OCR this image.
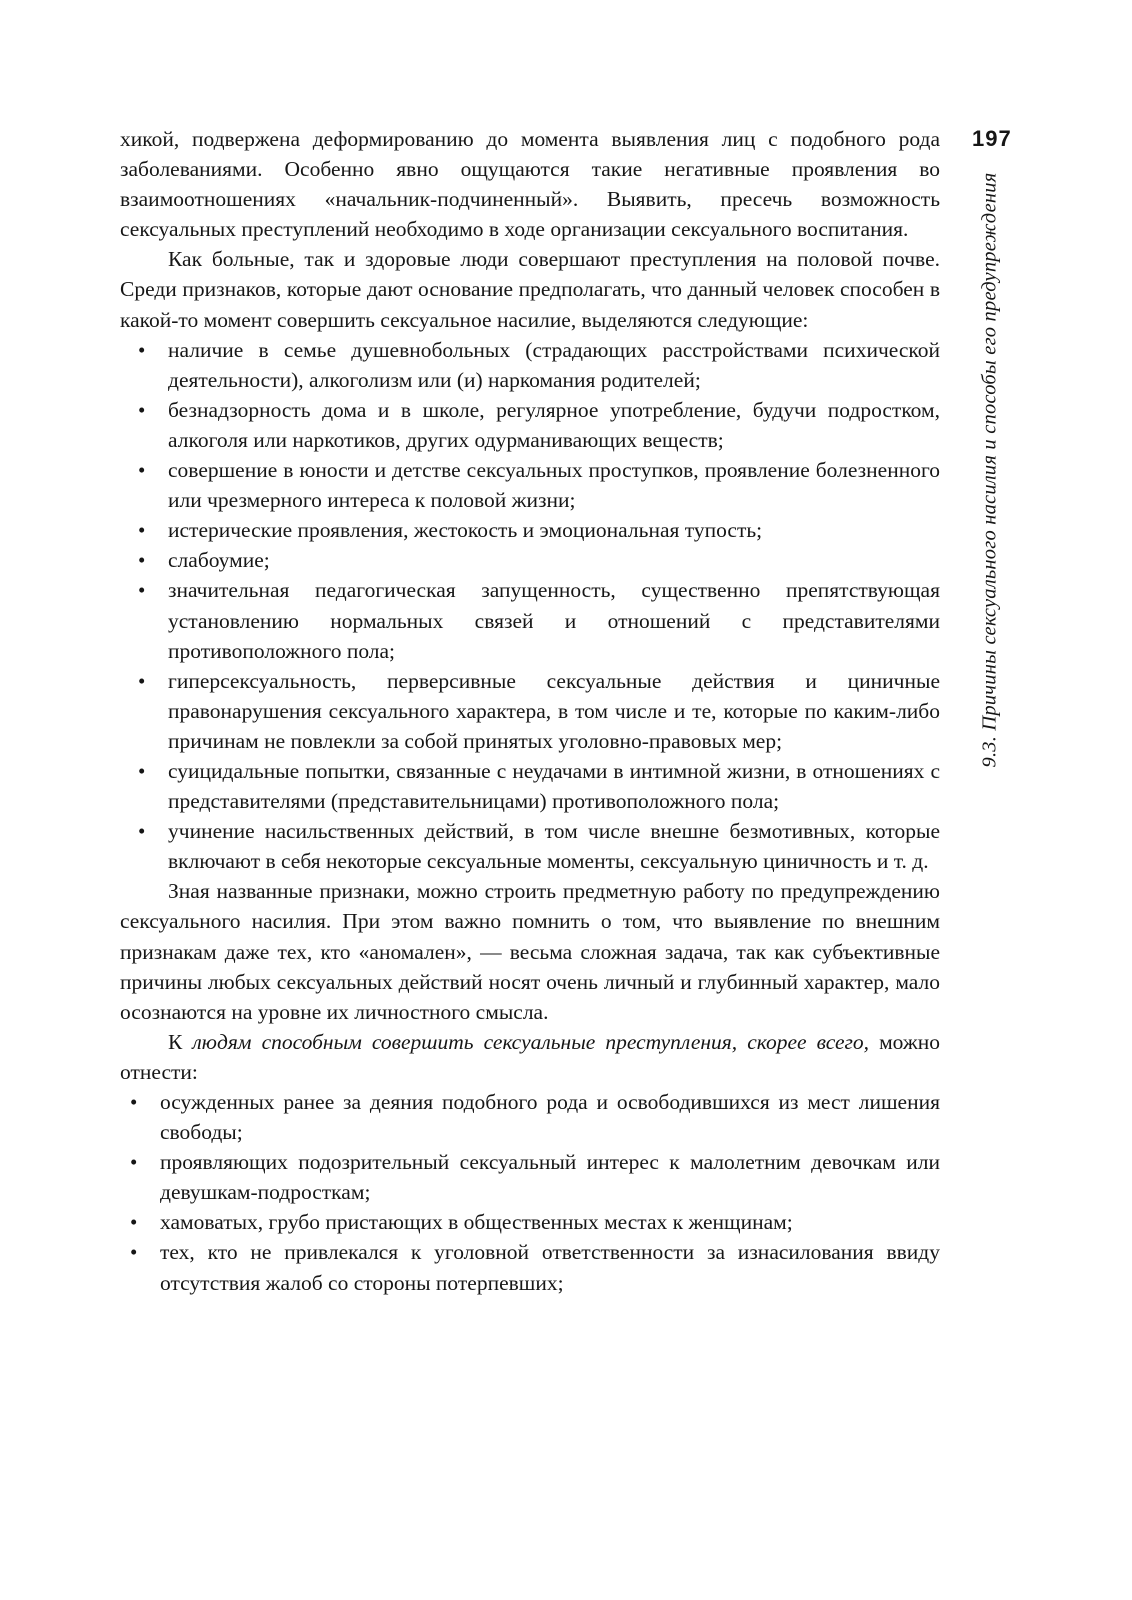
197
9.3. Причины сексуального насилия и способы его предупреждения

хикой, подвержена деформированию до момента выявления лиц с подобного рода заболеваниями. Особенно явно ощущаются такие негативные проявления во взаимоотношениях «начальник-подчиненный». Выявить, пресечь возможность сексуальных преступлений необходимо в ходе организации сексуального воспитания.

Как больные, так и здоровые люди совершают преступления на половой почве. Среди признаков, которые дают основание предполагать, что данный человек способен в какой-то момент совершить сексуальное насилие, выделяются следующие:

• наличие в семье душевнобольных (страдающих расстройствами психической деятельности), алкоголизм или (и) наркомания родителей;
• безнадзорность дома и в школе, регулярное употребление, будучи подростком, алкоголя или наркотиков, других одурманивающих веществ;
• совершение в юности и детстве сексуальных проступков, проявление болезненного или чрезмерного интереса к половой жизни;
• истерические проявления, жестокость и эмоциональная тупость;
• слабоумие;
• значительная педагогическая запущенность, существенно препятствующая установлению нормальных связей и отношений с представителями противоположного пола;
• гиперсексуальность, перверсивные сексуальные действия и циничные правонарушения сексуального характера, в том числе и те, которые по каким-либо причинам не повлекли за собой принятых уголовно-правовых мер;
• суицидальные попытки, связанные с неудачами в интимной жизни, в отношениях с представителями (представительницами) противоположного пола;
• учинение насильственных действий, в том числе внешне безмотивных, которые включают в себя некоторые сексуальные моменты, сексуальную циничность и т. д.

Зная названные признаки, можно строить предметную работу по предупреждению сексуального насилия. При этом важно помнить о том, что выявление по внешним признакам даже тех, кто «аномален», — весьма сложная задача, так как субъективные причины любых сексуальных действий носят очень личный и глубинный характер, мало осознаются на уровне их личностного смысла.

К людям способным совершить сексуальные преступления, скорее всего, можно отнести:

• осужденных ранее за деяния подобного рода и освободившихся из мест лишения свободы;
• проявляющих подозрительный сексуальный интерес к малолетним девочкам или девушкам-подросткам;
• хамоватых, грубо пристающих в общественных местах к женщинам;
• тех, кто не привлекался к уголовной ответственности за изнасилования ввиду отсутствия жалоб со стороны потерпевших;
